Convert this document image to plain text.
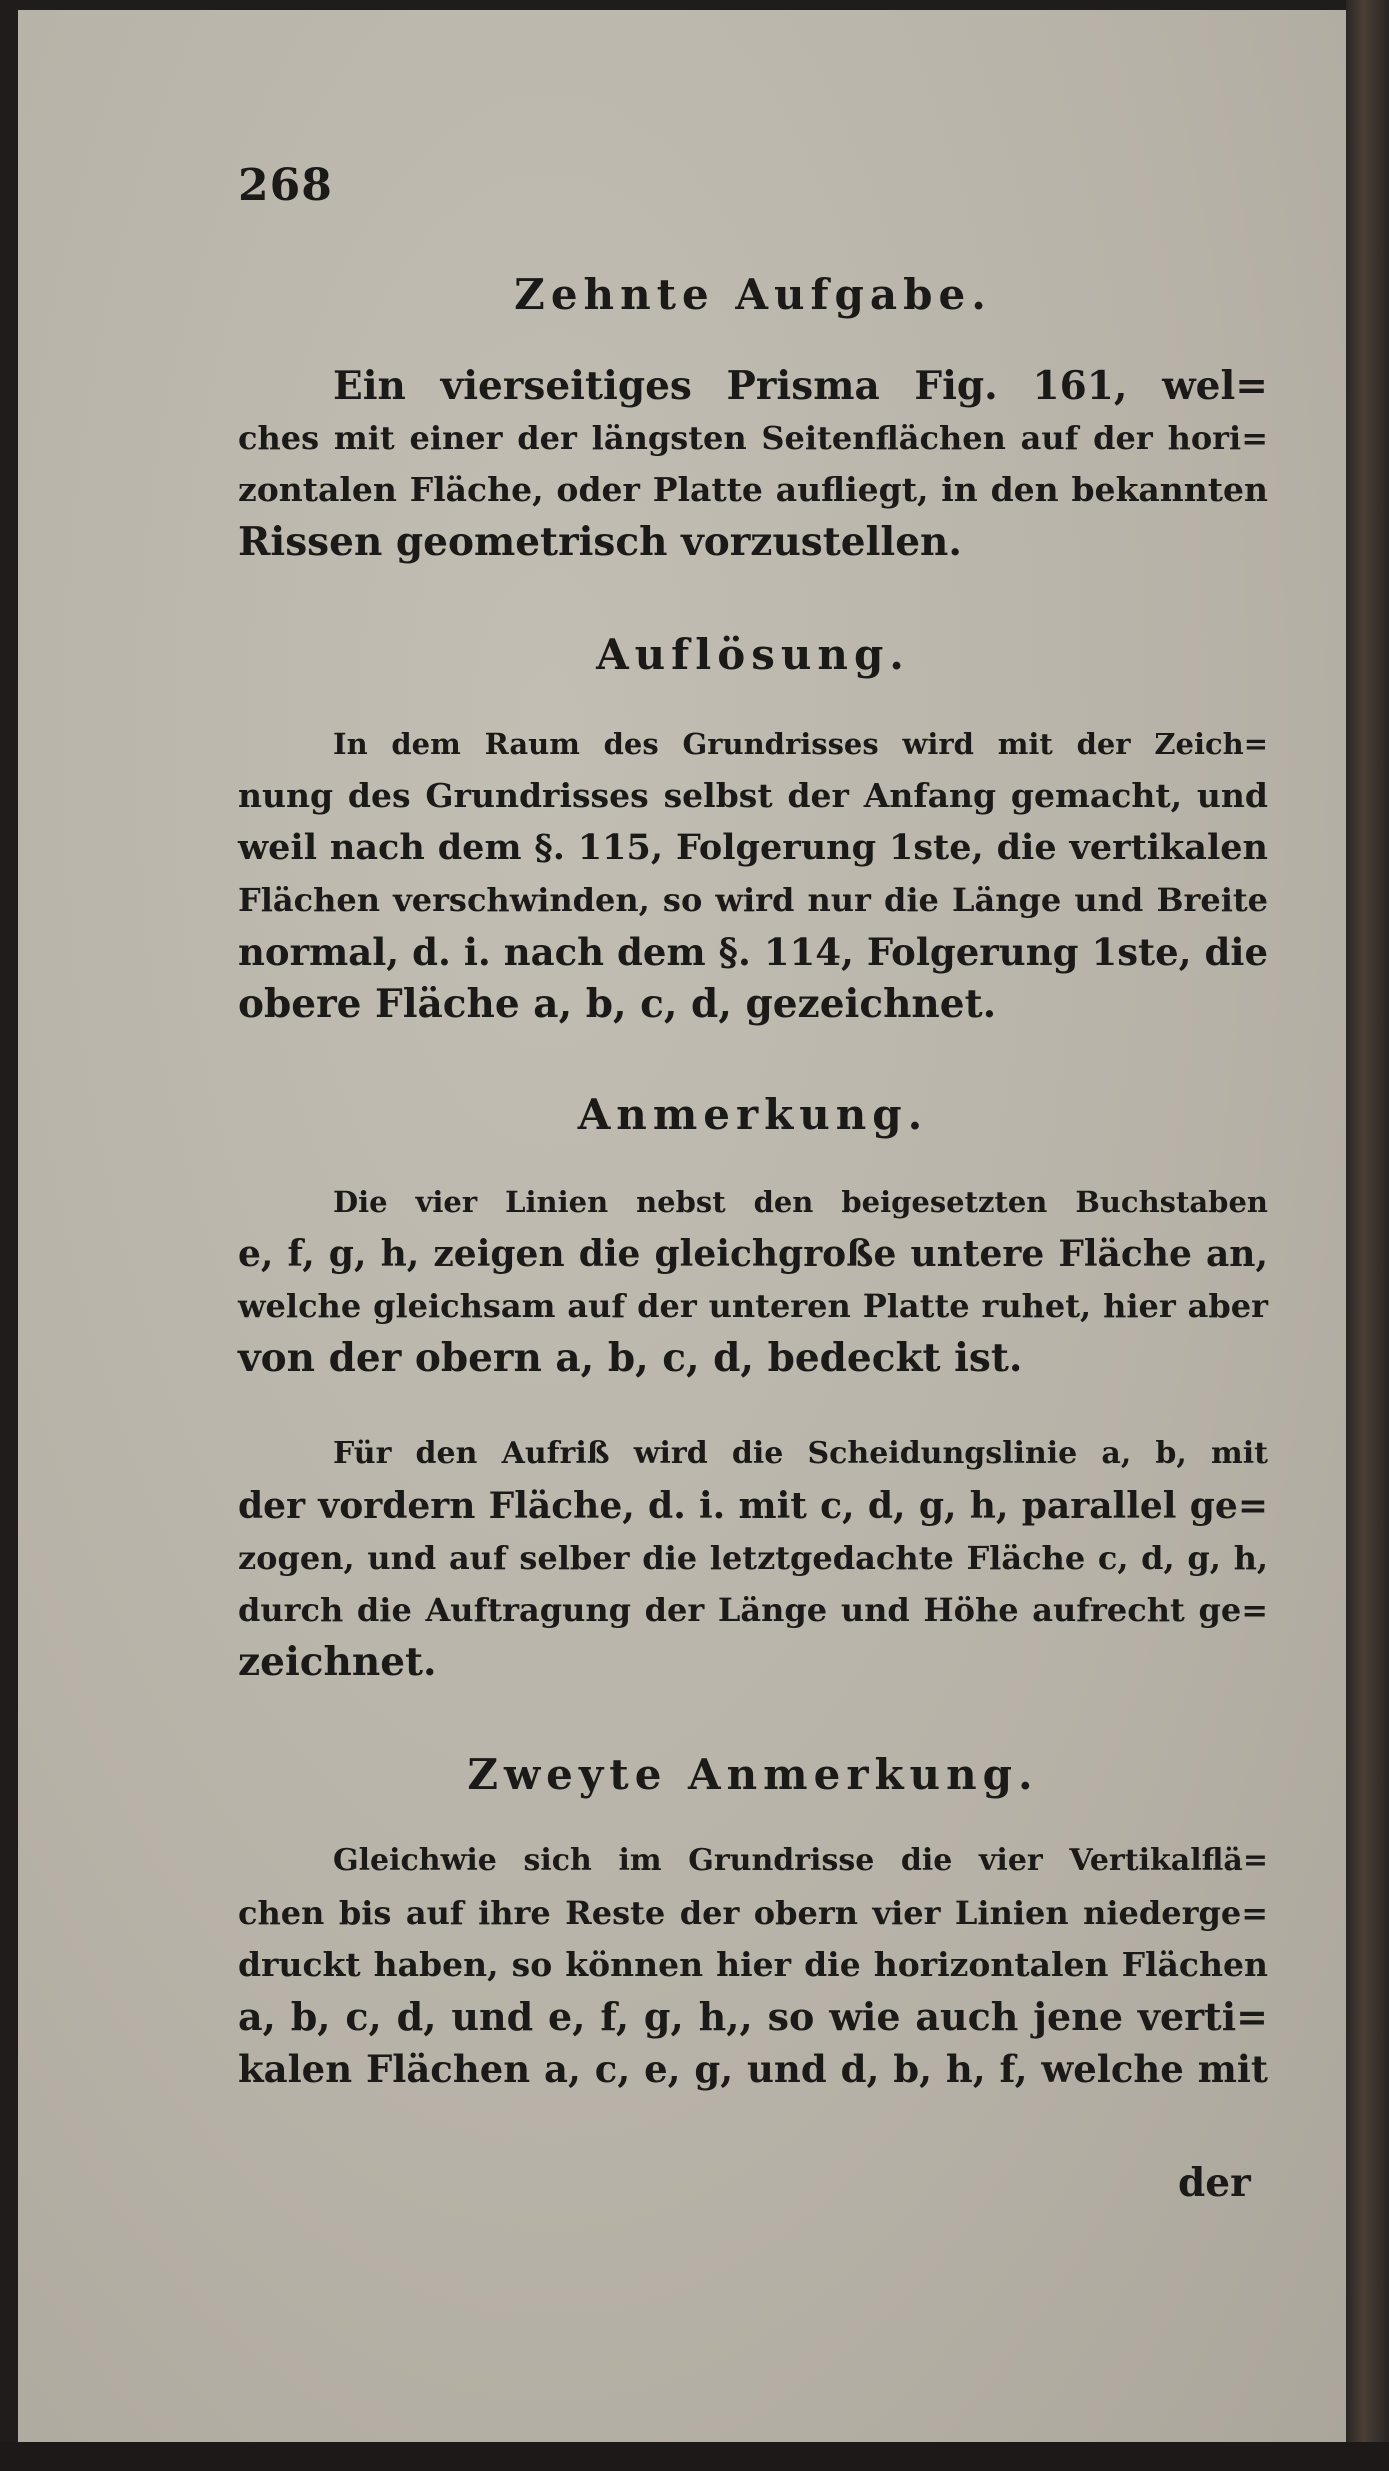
268
Zehnte Aufgabe.
Ein vierseitiges Prisma Fig. 161, wel=
ches mit einer der längsten Seitenflächen auf der hori=
zontalen Fläche, oder Platte aufliegt, in den bekannten
Rissen geometrisch vorzustellen.
Auflösung.
In dem Raum des Grundrisses wird mit der Zeich=
nung des Grundrisses selbst der Anfang gemacht, und
weil nach dem §. 115, Folgerung 1ste, die vertikalen
Flächen verschwinden, so wird nur die Länge und Breite
normal, d. i. nach dem §. 114, Folgerung 1ste, die
obere Fläche a, b, c, d, gezeichnet.
Anmerkung.
Die vier Linien nebst den beigesetzten Buchstaben
e, f, g, h, zeigen die gleichgroße untere Fläche an,
welche gleichsam auf der unteren Platte ruhet, hier aber
von der obern a, b, c, d, bedeckt ist.
Für den Aufriß wird die Scheidungslinie a, b, mit
der vordern Fläche, d. i. mit c, d, g, h, parallel ge=
zogen, und auf selber die letztgedachte Fläche c, d, g, h,
durch die Auftragung der Länge und Höhe aufrecht ge=
zeichnet.
Zweyte Anmerkung.
Gleichwie sich im Grundrisse die vier Vertikalflä=
chen bis auf ihre Reste der obern vier Linien niederge=
druckt haben, so können hier die horizontalen Flächen
a, b, c, d, und e, f, g, h,, so wie auch jene verti=
kalen Flächen a, c, e, g, und d, b, h, f, welche mit
der
